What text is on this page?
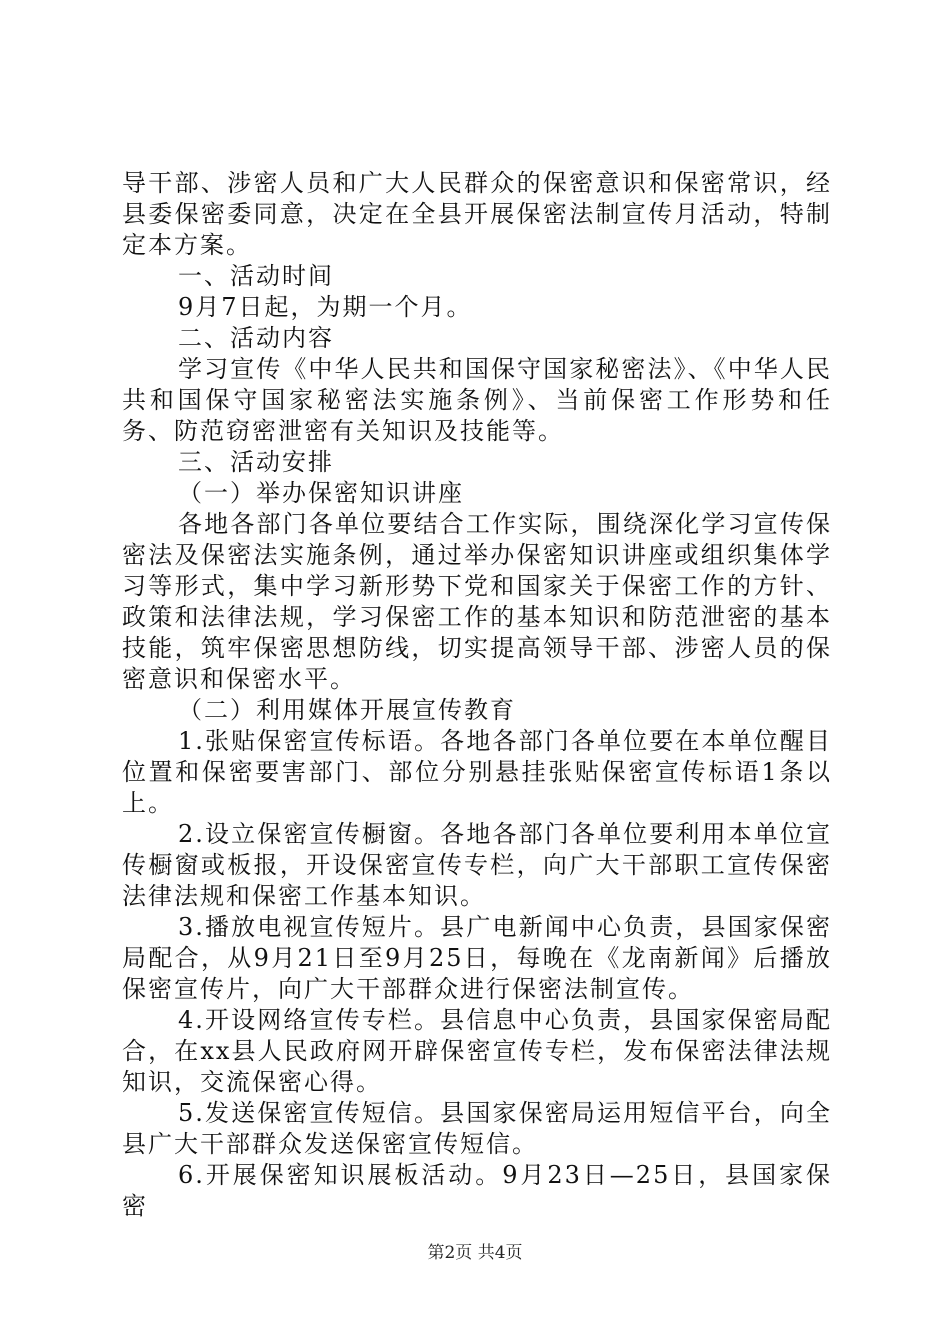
导干部、涉密人员和广大人民群众的保密意识和保密常识，经县委保密委同意，决定在全县开展保密法制宣传月活动，特制定本方案。

一、活动时间

9月7日起，为期一个月。

二、活动内容

学习宣传《中华人民共和国保守国家秘密法》、《中华人民共和国保守国家秘密法实施条例》、当前保密工作形势和任务、防范窃密泄密有关知识及技能等。

三、活动安排

（一）举办保密知识讲座

各地各部门各单位要结合工作实际，围绕深化学习宣传保密法及保密法实施条例，通过举办保密知识讲座或组织集体学习等形式，集中学习新形势下党和国家关于保密工作的方针、政策和法律法规，学习保密工作的基本知识和防范泄密的基本技能，筑牢保密思想防线，切实提高领导干部、涉密人员的保密意识和保密水平。

（二）利用媒体开展宣传教育

1.张贴保密宣传标语。各地各部门各单位要在本单位醒目位置和保密要害部门、部位分别悬挂张贴保密宣传标语1条以上。

2.设立保密宣传橱窗。各地各部门各单位要利用本单位宣传橱窗或板报，开设保密宣传专栏，向广大干部职工宣传保密法律法规和保密工作基本知识。

3.播放电视宣传短片。县广电新闻中心负责，县国家保密局配合，从9月21日至9月25日，每晚在《龙南新闻》后播放保密宣传片，向广大干部群众进行保密法制宣传。

4.开设网络宣传专栏。县信息中心负责，县国家保密局配合，在xx县人民政府网开辟保密宣传专栏，发布保密法律法规知识，交流保密心得。

5.发送保密宣传短信。县国家保密局运用短信平台，向全县广大干部群众发送保密宣传短信。

6.开展保密知识展板活动。9月23日—25日，县国家保密

第2页 共4页
